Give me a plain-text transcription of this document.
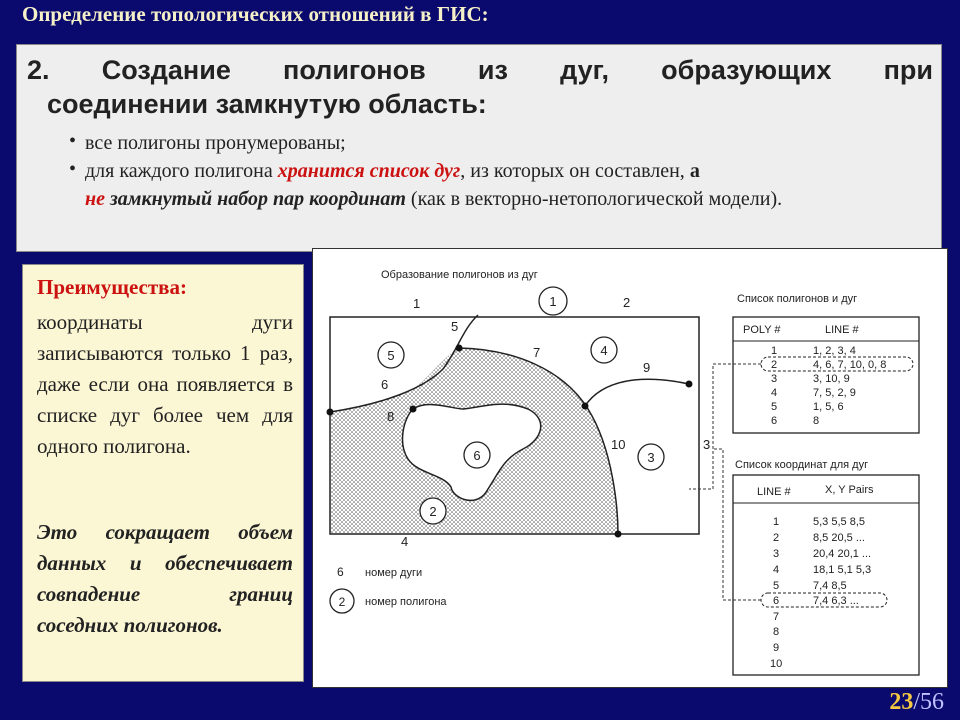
Определение топологических отношений в ГИС:
2. Создание полигонов из дуг, образующих при
соединении замкнутую область:
• все полигоны пронумерованы;
• для каждого полигона хранится список дуг, из которых он составлен, а
не замкнутый набор пар координат (как в векторно-нетопологической модели).
Преимущества:
координаты дуги записываются только 1 раз, даже если она появляется в списке дуг более чем для одного полигона.
Это сокращает объем данных и обеспечивает совпадение границ соседних полигонов.
Образование полигонов из дуг
1	2
3
4
5
6
7
8
9
10
1
2
3
4
5
6
6 номер дуги
2 номер полигона
Список полигонов и дуг
POLY #	LINE #
1	1, 2, 3, 4
2	4, 6, 7, 10, 0, 8
3	3, 10, 9
4	7, 5, 2, 9
5	1, 5, 6
6	8
Список координат для дуг
LINE #	X, Y Pairs
1	5,3 5,5 8,5
2	8,5 20,5 ...
3	20,4 20,1 ...
4	18,1 5,1 5,3
5	7,4 8,5
6	7,4 6,3 ...
7
8
9
10
23/56
